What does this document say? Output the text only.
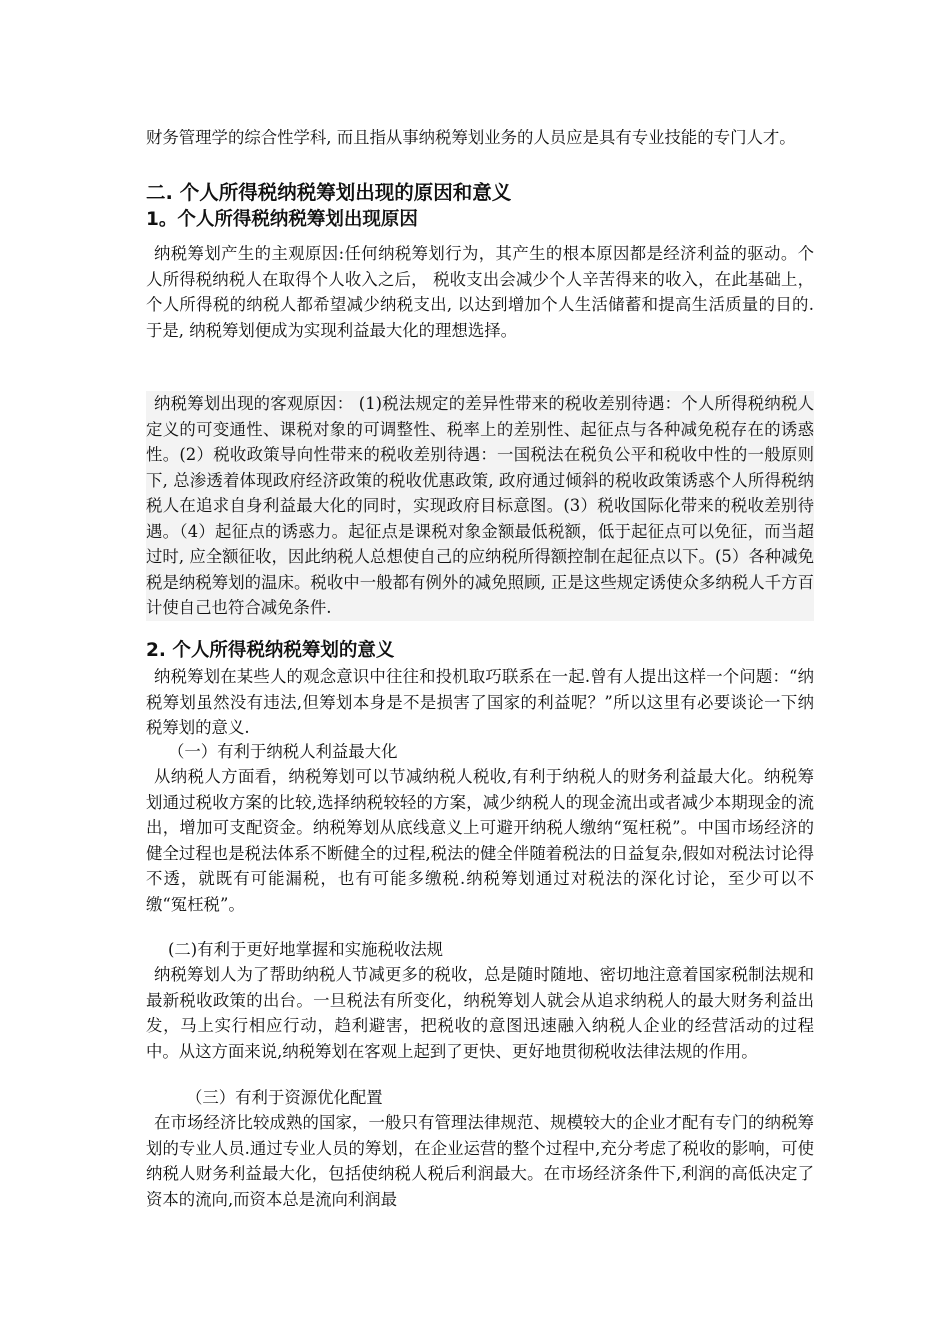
财务管理学的综合性学科, 而且指从事纳税筹划业务的人员应是具有专业技能的专门人才。

二. 个人所得税纳税筹划出现的原因和意义

1。个人所得税纳税筹划出现原因

纳税筹划产生的主观原因:任何纳税筹划行为，其产生的根本原因都是经济利益的驱动。个人所得税纳税人在取得个人收入之后， 税收支出会减少个人辛苦得来的收入，在此基础上， 个人所得税的纳税人都希望减少纳税支出, 以达到增加个人生活储蓄和提高生活质量的目的. 于是, 纳税筹划便成为实现利益最大化的理想选择。

纳税筹划出现的客观原因： (1)税法规定的差异性带来的税收差别待遇：个人所得税纳税人定义的可变通性、课税对象的可调整性、税率上的差别性、起征点与各种减免税存在的诱惑性。(2）税收政策导向性带来的税收差别待遇：一国税法在税负公平和税收中性的一般原则下, 总渗透着体现政府经济政策的税收优惠政策, 政府通过倾斜的税收政策诱惑个人所得税纳税人在追求自身利益最大化的同时，实现政府目标意图。(3）税收国际化带来的税收差别待遇。（4）起征点的诱惑力。起征点是课税对象金额最低税额，低于起征点可以免征，而当超过时, 应全额征收，因此纳税人总想使自己的应纳税所得额控制在起征点以下。(5）各种减免税是纳税筹划的温床。税收中一般都有例外的减免照顾, 正是这些规定诱使众多纳税人千方百计使自己也符合减免条件.

2. 个人所得税纳税筹划的意义

纳税筹划在某些人的观念意识中往往和投机取巧联系在一起.曾有人提出这样一个问题：“纳税筹划虽然没有违法,但筹划本身是不是损害了国家的利益呢？”所以这里有必要谈论一下纳税筹划的意义.

（一）有利于纳税人利益最大化

从纳税人方面看，纳税筹划可以节减纳税人税收,有利于纳税人的财务利益最大化。纳税筹划通过税收方案的比较,选择纳税较轻的方案，减少纳税人的现金流出或者减少本期现金的流出，增加可支配资金。纳税筹划从底线意义上可避开纳税人缴纳“冤枉税”。中国市场经济的健全过程也是税法体系不断健全的过程,税法的健全伴随着税法的日益复杂,假如对税法讨论得不透，就既有可能漏税，也有可能多缴税.纳税筹划通过对税法的深化讨论，至少可以不缴“冤枉税”。

(二)有利于更好地掌握和实施税收法规

纳税筹划人为了帮助纳税人节减更多的税收，总是随时随地、密切地注意着国家税制法规和最新税收政策的出台。一旦税法有所变化，纳税筹划人就会从追求纳税人的最大财务利益出发，马上实行相应行动，趋利避害，把税收的意图迅速融入纳税人企业的经营活动的过程中。从这方面来说,纳税筹划在客观上起到了更快、更好地贯彻税收法律法规的作用。

（三）有利于资源优化配置

在市场经济比较成熟的国家，一般只有管理法律规范、规模较大的企业才配有专门的纳税筹划的专业人员.通过专业人员的筹划，在企业运营的整个过程中,充分考虑了税收的影响，可使纳税人财务利益最大化，包括使纳税人税后利润最大。在市场经济条件下,利润的高低决定了资本的流向,而资本总是流向利润最
